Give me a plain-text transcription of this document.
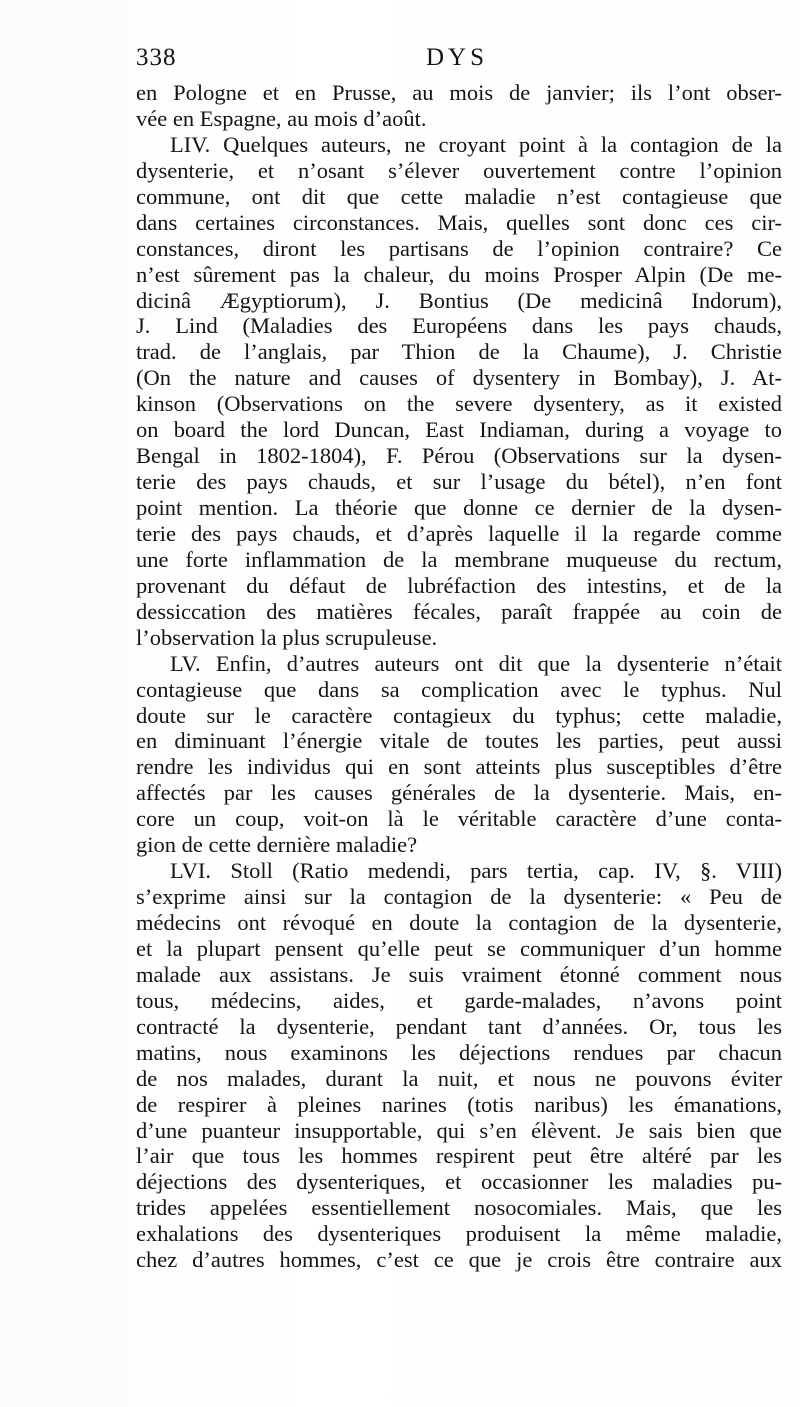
338	DYS
en Pologne et en Prusse, au mois de janvier; ils l’ont obser-
vée en Espagne, au mois d’août.
LIV. Quelques auteurs, ne croyant point à la contagion de la
dysenterie, et n’osant s’élever ouvertement contre l’opinion
commune, ont dit que cette maladie n’est contagieuse que
dans certaines circonstances. Mais, quelles sont donc ces cir-
constances, diront les partisans de l’opinion contraire? Ce
n’est sûrement pas la chaleur, du moins Prosper Alpin (De me-
dicinâ Ægyptiorum), J. Bontius (De medicinâ Indorum),
J. Lind (Maladies des Européens dans les pays chauds,
trad. de l’anglais, par Thion de la Chaume), J. Christie
(On the nature and causes of dysentery in Bombay), J. At-
kinson (Observations on the severe dysentery, as it existed
on board the lord Duncan, East Indiaman, during a voyage to
Bengal in 1802-1804), F. Pérou (Observations sur la dysen-
terie des pays chauds, et sur l’usage du bétel), n’en font
point mention. La théorie que donne ce dernier de la dysen-
terie des pays chauds, et d’après laquelle il la regarde comme
une forte inflammation de la membrane muqueuse du rectum,
provenant du défaut de lubréfaction des intestins, et de la
dessiccation des matières fécales, paraît frappée au coin de
l’observation la plus scrupuleuse.
LV. Enfin, d’autres auteurs ont dit que la dysenterie n’était
contagieuse que dans sa complication avec le typhus. Nul
doute sur le caractère contagieux du typhus; cette maladie,
en diminuant l’énergie vitale de toutes les parties, peut aussi
rendre les individus qui en sont atteints plus susceptibles d’être
affectés par les causes générales de la dysenterie. Mais, en-
core un coup, voit-on là le véritable caractère d’une conta-
gion de cette dernière maladie?
LVI. Stoll (Ratio medendi, pars tertia, cap. IV, §. VIII)
s’exprime ainsi sur la contagion de la dysenterie: « Peu de
médecins ont révoqué en doute la contagion de la dysenterie,
et la plupart pensent qu’elle peut se communiquer d’un homme
malade aux assistans. Je suis vraiment étonné comment nous
tous, médecins, aides, et garde-malades, n’avons point
contracté la dysenterie, pendant tant d’années. Or, tous les
matins, nous examinons les déjections rendues par chacun
de nos malades, durant la nuit, et nous ne pouvons éviter
de respirer à pleines narines (totis naribus) les émanations,
d’une puanteur insupportable, qui s’en élèvent. Je sais bien que
l’air que tous les hommes respirent peut être altéré par les
déjections des dysenteriques, et occasionner les maladies pu-
trides appelées essentiellement nosocomiales. Mais, que les
exhalations des dysenteriques produisent la même maladie,
chez d’autres hommes, c’est ce que je crois être contraire aux
